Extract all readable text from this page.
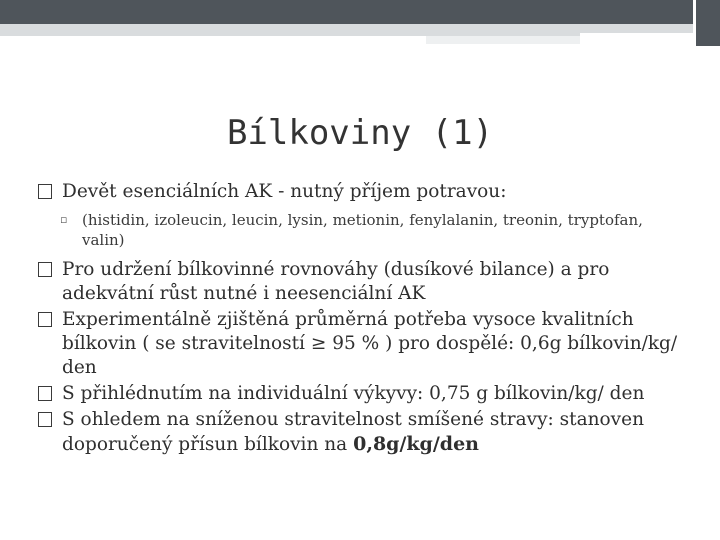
Bílkoviny (1)
Devět esenciálních AK - nutný příjem potravou:
▫ (histidin, izoleucin, leucin, lysin, metionin, fenylalanin, treonin, tryptofan, valin)
Pro udržení bílkovinné rovnováhy (dusíkové bilance) a pro adekvátní růst nutné i neesenciální AK
Experimentálně zjištěná průměrná potřeba vysoce kvalitních bílkovin ( se stravitelností ≥ 95 % ) pro dospělé: 0,6g bílkovin/kg/ den
S přihlédnutím na individuální výkyvy: 0,75 g bílkovin/kg/ den
S ohledem na sníženou stravitelnost smíšené stravy: stanoven doporučený přísun bílkovin na 0,8g/kg/den
